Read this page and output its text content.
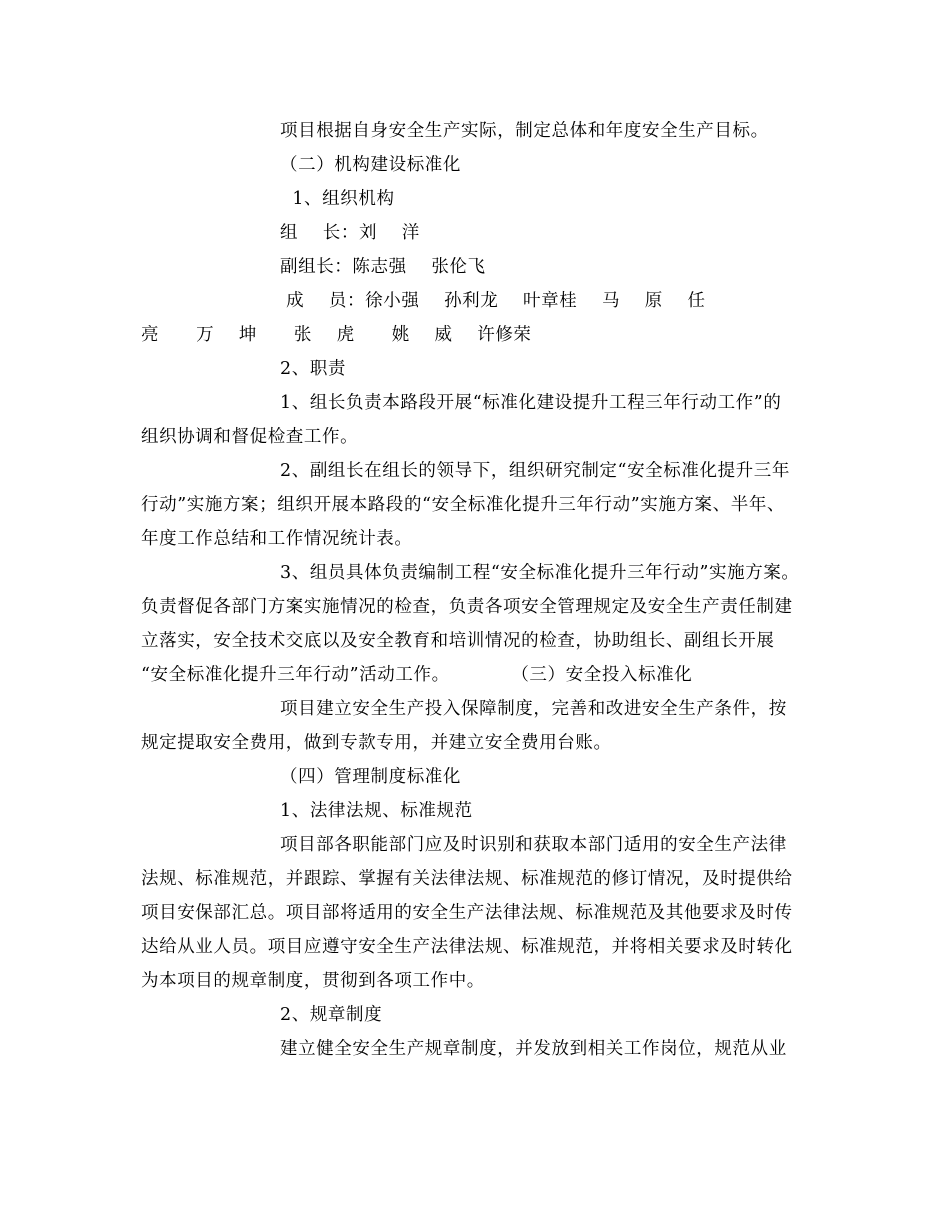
项目根据自身安全生产实际，制定总体和年度安全生产目标。
（二）机构建设标准化
1、组织机构
组    长：刘    洋
副组长：陈志强    张伦飞
成    员：徐小强    孙利龙    叶章桂    马    原    任
亮      万    坤      张    虎      姚    威    许修荣
2、职责
1、组长负责本路段开展“标准化建设提升工程三年行动工作”的
组织协调和督促检查工作。
2、副组长在组长的领导下，组织研究制定“安全标准化提升三年
行动”实施方案；组织开展本路段的“安全标准化提升三年行动”实施方案、半年、
年度工作总结和工作情况统计表。
3、组员具体负责编制工程“安全标准化提升三年行动”实施方案。
负责督促各部门方案实施情况的检查，负责各项安全管理规定及安全生产责任制建
立落实，安全技术交底以及安全教育和培训情况的检查，协助组长、副组长开展
“安全标准化提升三年行动”活动工作。          （三）安全投入标准化
项目建立安全生产投入保障制度，完善和改进安全生产条件，按
规定提取安全费用，做到专款专用，并建立安全费用台账。
（四）管理制度标准化
1、法律法规、标准规范
项目部各职能部门应及时识别和获取本部门适用的安全生产法律
法规、标准规范，并跟踪、掌握有关法律法规、标准规范的修订情况，及时提供给
项目安保部汇总。项目部将适用的安全生产法律法规、标准规范及其他要求及时传
达给从业人员。项目应遵守安全生产法律法规、标准规范，并将相关要求及时转化
为本项目的规章制度，贯彻到各项工作中。
2、规章制度
建立健全安全生产规章制度，并发放到相关工作岗位，规范从业
